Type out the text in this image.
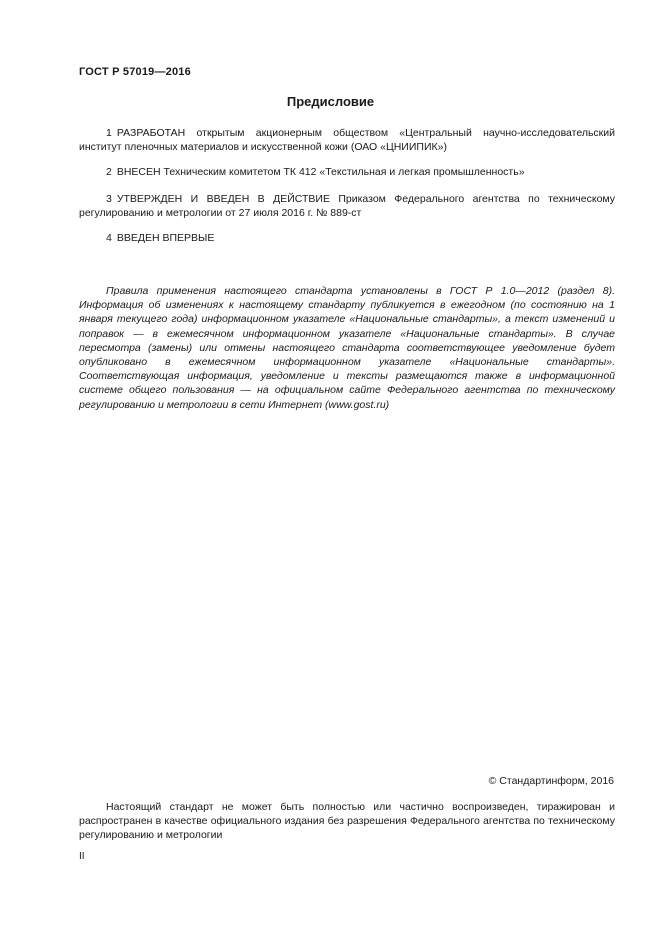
ГОСТ Р 57019—2016
Предисловие
1 РАЗРАБОТАН открытым акционерным обществом «Центральный научно-исследовательский институт пленочных материалов и искусственной кожи (ОАО «ЦНИИПИК»)
2 ВНЕСЕН Техническим комитетом ТК 412 «Текстильная и легкая промышленность»
3 УТВЕРЖДЕН И ВВЕДЕН В ДЕЙСТВИЕ Приказом Федерального агентства по техническому регулированию и метрологии от 27 июля 2016 г. № 889-ст
4 ВВЕДЕН ВПЕРВЫЕ
Правила применения настоящего стандарта установлены в ГОСТ Р 1.0—2012 (раздел 8). Информация об изменениях к настоящему стандарту публикуется в ежегодном (по состоянию на 1 января текущего года) информационном указателе «Национальные стандарты», а текст изменений и поправок — в ежемесячном информационном указателе «Национальные стандарты». В случае пересмотра (замены) или отмены настоящего стандарта соответствующее уведомление будет опубликовано в ежемесячном информационном указателе «Национальные стандарты». Соответствующая информация, уведомление и тексты размещаются также в информационной системе общего пользования — на официальном сайте Федерального агентства по техническому регулированию и метрологии в сети Интернет (www.gost.ru)
© Стандартинформ, 2016
Настоящий стандарт не может быть полностью или частично воспроизведен, тиражирован и распространен в качестве официального издания без разрешения Федерального агентства по техническому регулированию и метрологии
II
